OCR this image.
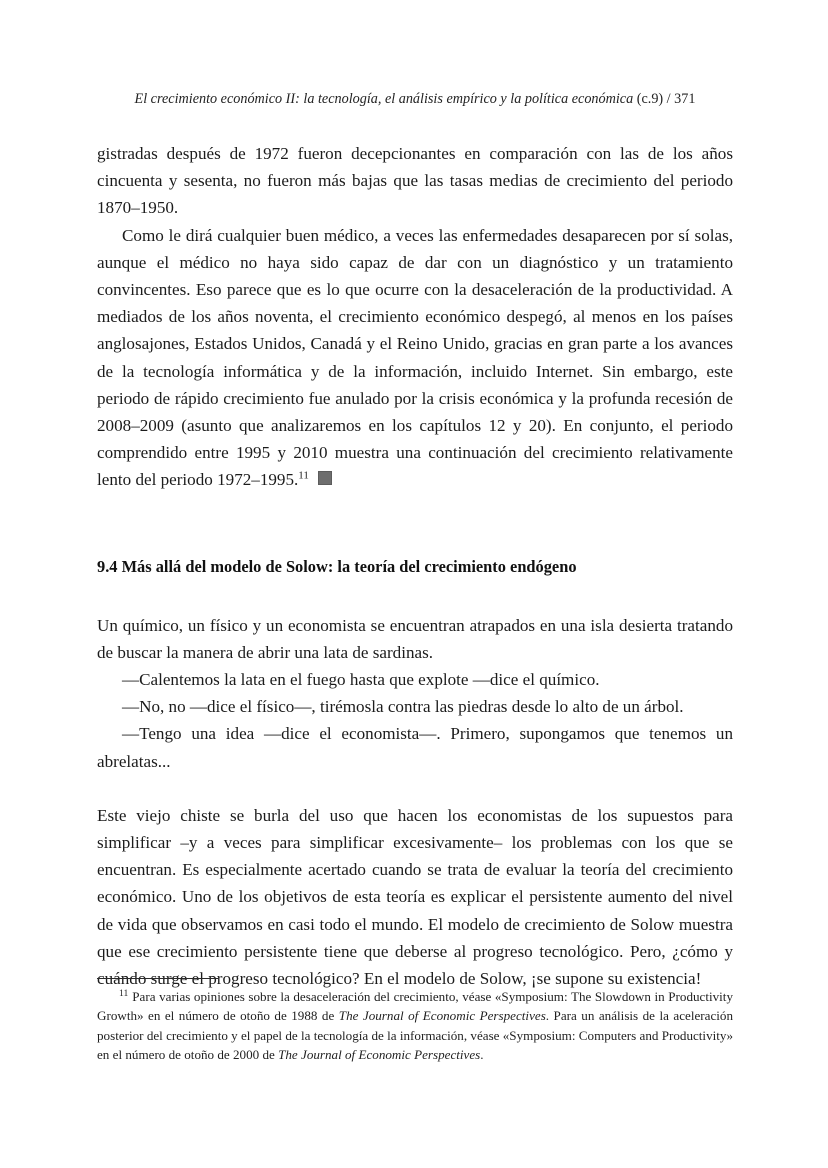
El crecimiento económico II: la tecnología, el análisis empírico y la política económica (c.9) / 371

gistradas después de 1972 fueron decepcionantes en comparación con las de los años cincuenta y sesenta, no fueron más bajas que las tasas medias de crecimiento del periodo 1870–1950.

Como le dirá cualquier buen médico, a veces las enfermedades desaparecen por sí solas, aunque el médico no haya sido capaz de dar con un diagnóstico y un tratamiento convincentes. Eso parece que es lo que ocurre con la desaceleración de la productividad. A mediados de los años noventa, el crecimiento económico despegó, al menos en los países anglosajones, Estados Unidos, Canadá y el Reino Unido, gracias en gran parte a los avances de la tecnología informática y de la información, incluido Internet. Sin embargo, este periodo de rápido crecimiento fue anulado por la crisis económica y la profunda recesión de 2008–2009 (asunto que analizaremos en los capítulos 12 y 20). En conjunto, el periodo comprendido entre 1995 y 2010 muestra una continuación del crecimiento relativamente lento del periodo 1972–1995.11

9.4 Más allá del modelo de Solow: la teoría del crecimiento endógeno

Un químico, un físico y un economista se encuentran atrapados en una isla desierta tratando de buscar la manera de abrir una lata de sardinas.

—Calentemos la lata en el fuego hasta que explote —dice el químico.

—No, no —dice el físico—, tirémosla contra las piedras desde lo alto de un árbol.

—Tengo una idea —dice el economista—. Primero, supongamos que tenemos un abrelatas...

Este viejo chiste se burla del uso que hacen los economistas de los supuestos para simplificar –y a veces para simplificar excesivamente– los problemas con los que se encuentran. Es especialmente acertado cuando se trata de evaluar la teoría del crecimiento económico. Uno de los objetivos de esta teoría es explicar el persistente aumento del nivel de vida que observamos en casi todo el mundo. El modelo de crecimiento de Solow muestra que ese crecimiento persistente tiene que deberse al progreso tecnológico. Pero, ¿cómo y cuándo surge el progreso tecnológico? En el modelo de Solow, ¡se supone su existencia!

$^{11}$ Para varias opiniones sobre la desaceleración del crecimiento, véase «Symposium: The Slowdown in Productivity Growth» en el número de otoño de 1988 de The Journal of Economic Perspectives. Para un análisis de la aceleración posterior del crecimiento y el papel de la tecnología de la información, véase «Symposium: Computers and Productivity» en el número de otoño de 2000 de The Journal of Economic Perspectives.
